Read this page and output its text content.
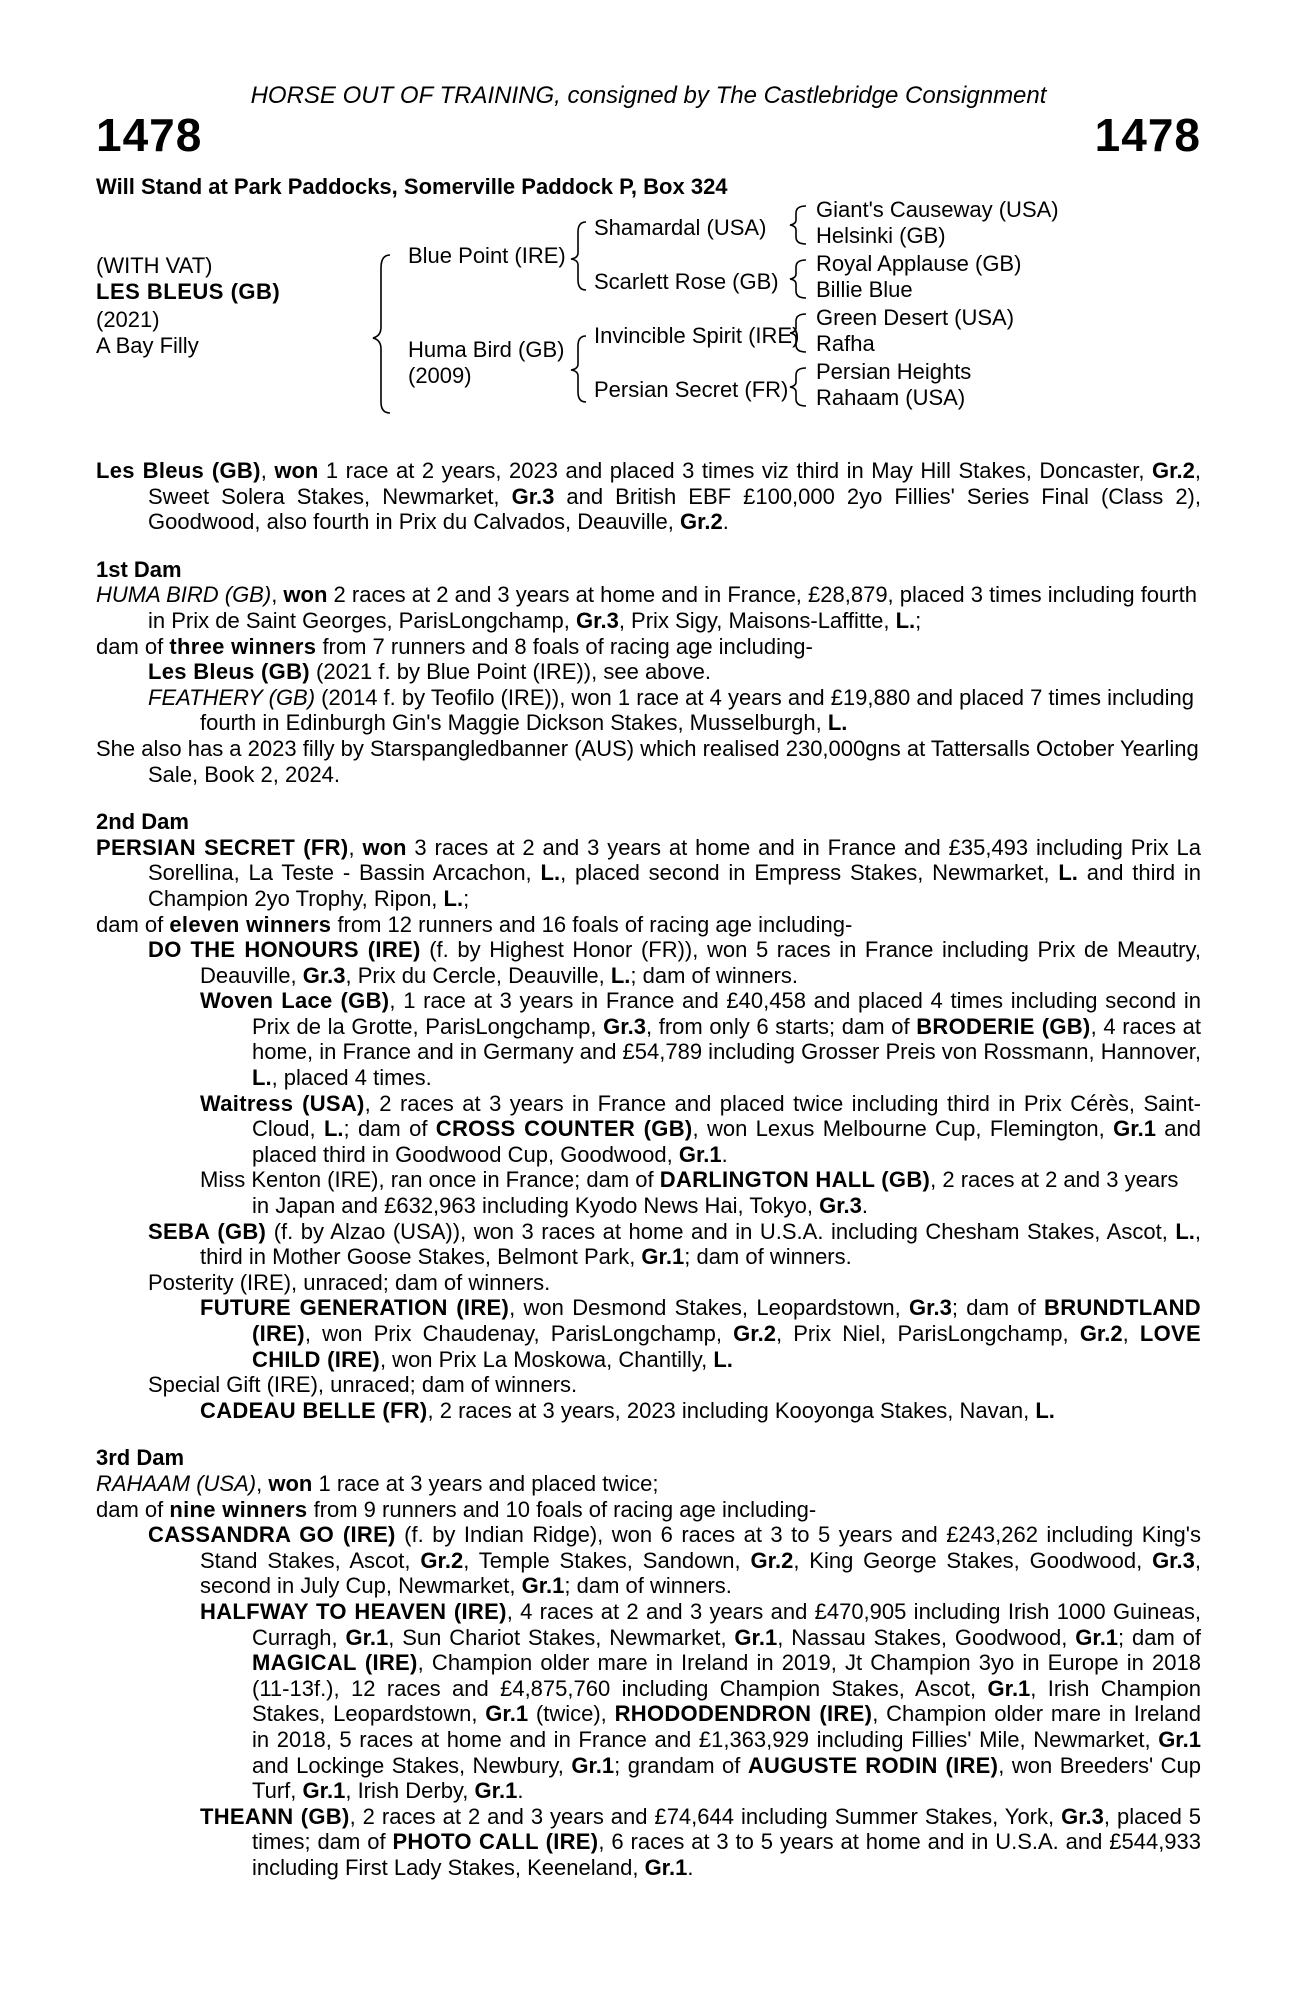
HORSE OUT OF TRAINING, consigned by The Castlebridge Consignment
1478	1478
Will Stand at Park Paddocks, Somerville Paddock P, Box 324
(WITH VAT)
LES BLEUS (GB)
(2021)
A Bay Filly
Blue Point (IRE)
Huma Bird (GB)
(2009)
Shamardal (USA)
Scarlett Rose (GB)
Invincible Spirit (IRE)
Persian Secret (FR)
Giant's Causeway (USA)
Helsinki (GB)
Royal Applause (GB)
Billie Blue
Green Desert (USA)
Rafha
Persian Heights
Rahaam (USA)

Les Bleus (GB), won 1 race at 2 years, 2023 and placed 3 times viz third in May Hill Stakes, Doncaster, Gr.2, Sweet Solera Stakes, Newmarket, Gr.3 and British EBF £100,000 2yo Fillies' Series Final (Class 2), Goodwood, also fourth in Prix du Calvados, Deauville, Gr.2.

1st Dam

HUMA BIRD (GB), won 2 races at 2 and 3 years at home and in France, £28,879, placed 3 times including fourth in Prix de Saint Georges, ParisLongchamp, Gr.3, Prix Sigy, Maisons-Laffitte, L.;

dam of three winners from 7 runners and 8 foals of racing age including-

Les Bleus (GB) (2021 f. by Blue Point (IRE)), see above.

FEATHERY (GB) (2014 f. by Teofilo (IRE)), won 1 race at 4 years and £19,880 and placed 7 times including fourth in Edinburgh Gin's Maggie Dickson Stakes, Musselburgh, L.

She also has a 2023 filly by Starspangledbanner (AUS) which realised 230,000gns at Tattersalls October Yearling Sale, Book 2, 2024.

2nd Dam

PERSIAN SECRET (FR), won 3 races at 2 and 3 years at home and in France and £35,493 including Prix La Sorellina, La Teste - Bassin Arcachon, L., placed second in Empress Stakes, Newmarket, L. and third in Champion 2yo Trophy, Ripon, L.;

dam of eleven winners from 12 runners and 16 foals of racing age including-

DO THE HONOURS (IRE) (f. by Highest Honor (FR)), won 5 races in France including Prix de Meautry, Deauville, Gr.3, Prix du Cercle, Deauville, L.; dam of winners.

Woven Lace (GB), 1 race at 3 years in France and £40,458 and placed 4 times including second in Prix de la Grotte, ParisLongchamp, Gr.3, from only 6 starts; dam of BRODERIE (GB), 4 races at home, in France and in Germany and £54,789 including Grosser Preis von Rossmann, Hannover, L., placed 4 times.

Waitress (USA), 2 races at 3 years in France and placed twice including third in Prix Cérès, Saint-Cloud, L.; dam of CROSS COUNTER (GB), won Lexus Melbourne Cup, Flemington, Gr.1 and placed third in Goodwood Cup, Goodwood, Gr.1.

Miss Kenton (IRE), ran once in France; dam of DARLINGTON HALL (GB), 2 races at 2 and 3 years in Japan and £632,963 including Kyodo News Hai, Tokyo, Gr.3.

SEBA (GB) (f. by Alzao (USA)), won 3 races at home and in U.S.A. including Chesham Stakes, Ascot, L., third in Mother Goose Stakes, Belmont Park, Gr.1; dam of winners.

Posterity (IRE), unraced; dam of winners.

FUTURE GENERATION (IRE), won Desmond Stakes, Leopardstown, Gr.3; dam of BRUNDTLAND (IRE), won Prix Chaudenay, ParisLongchamp, Gr.2, Prix Niel, ParisLongchamp, Gr.2, LOVE CHILD (IRE), won Prix La Moskowa, Chantilly, L.

Special Gift (IRE), unraced; dam of winners.

CADEAU BELLE (FR), 2 races at 3 years, 2023 including Kooyonga Stakes, Navan, L.

3rd Dam

RAHAAM (USA), won 1 race at 3 years and placed twice;

dam of nine winners from 9 runners and 10 foals of racing age including-

CASSANDRA GO (IRE) (f. by Indian Ridge), won 6 races at 3 to 5 years and £243,262 including King's Stand Stakes, Ascot, Gr.2, Temple Stakes, Sandown, Gr.2, King George Stakes, Goodwood, Gr.3, second in July Cup, Newmarket, Gr.1; dam of winners.

HALFWAY TO HEAVEN (IRE), 4 races at 2 and 3 years and £470,905 including Irish 1000 Guineas, Curragh, Gr.1, Sun Chariot Stakes, Newmarket, Gr.1, Nassau Stakes, Goodwood, Gr.1; dam of MAGICAL (IRE), Champion older mare in Ireland in 2019, Jt Champion 3yo in Europe in 2018 (11-13f.), 12 races and £4,875,760 including Champion Stakes, Ascot, Gr.1, Irish Champion Stakes, Leopardstown, Gr.1 (twice), RHODODENDRON (IRE), Champion older mare in Ireland in 2018, 5 races at home and in France and £1,363,929 including Fillies' Mile, Newmarket, Gr.1 and Lockinge Stakes, Newbury, Gr.1; grandam of AUGUSTE RODIN (IRE), won Breeders' Cup Turf, Gr.1, Irish Derby, Gr.1.

THEANN (GB), 2 races at 2 and 3 years and £74,644 including Summer Stakes, York, Gr.3, placed 5 times; dam of PHOTO CALL (IRE), 6 races at 3 to 5 years at home and in U.S.A. and £544,933 including First Lady Stakes, Keeneland, Gr.1.
